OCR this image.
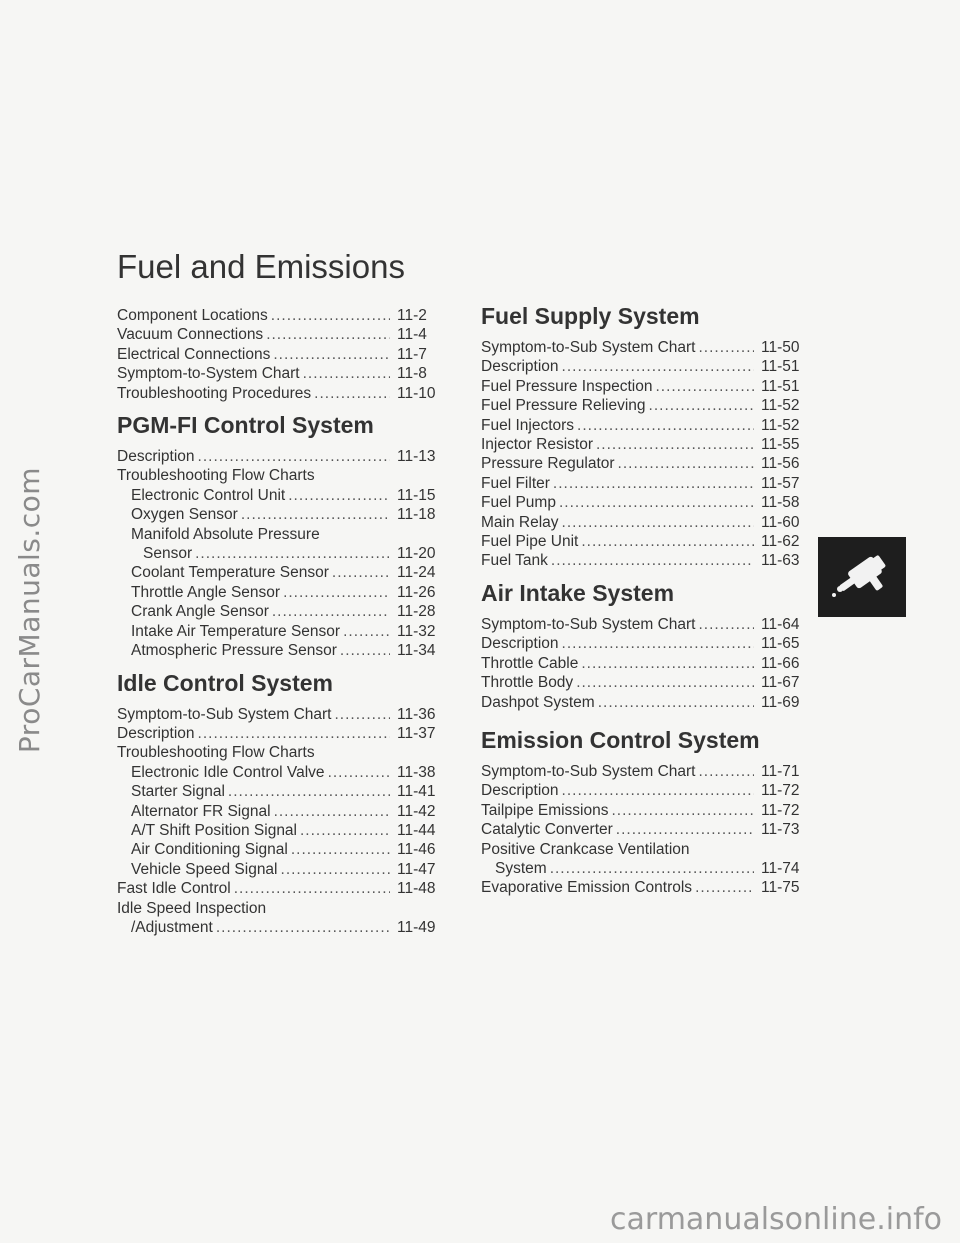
ProCarManuals.com
carmanualsonline.info
Fuel and Emissions
Component Locations .....	11-2
Vacuum Connections .....	11-4
Electrical Connections .....	11-7
Symptom-to-System Chart .....	11-8
Troubleshooting Procedures .....	11-10
PGM-FI Control System
Description .....	11-13
Troubleshooting Flow Charts
Electronic Control Unit .....	11-15
Oxygen Sensor .....	11-18
Manifold Absolute Pressure
Sensor .....	11-20
Coolant Temperature Sensor .....	11-24
Throttle Angle Sensor .....	11-26
Crank Angle Sensor .....	11-28
Intake Air Temperature Sensor .....	11-32
Atmospheric Pressure Sensor .....	11-34
Idle Control System
Symptom-to-Sub System Chart .....	11-36
Description .....	11-37
Troubleshooting Flow Charts
Electronic Idle Control Valve .....	11-38
Starter Signal .....	11-41
Alternator FR Signal .....	11-42
A/T Shift Position Signal .....	11-44
Air Conditioning Signal .....	11-46
Vehicle Speed Signal .....	11-47
Fast Idle Control .....	11-48
Idle Speed Inspection
/Adjustment .....	11-49
Fuel Supply System
Symptom-to-Sub System Chart .....	11-50
Description .....	11-51
Fuel Pressure Inspection .....	11-51
Fuel Pressure Relieving .....	11-52
Fuel Injectors .....	11-52
Injector Resistor .....	11-55
Pressure Regulator .....	11-56
Fuel Filter .....	11-57
Fuel Pump .....	11-58
Main Relay .....	11-60
Fuel Pipe Unit .....	11-62
Fuel Tank .....	11-63
Air Intake System
Symptom-to-Sub System Chart .....	11-64
Description .....	11-65
Throttle Cable .....	11-66
Throttle Body .....	11-67
Dashpot System .....	11-69
Emission Control System
Symptom-to-Sub System Chart .....	11-71
Description .....	11-72
Tailpipe Emissions .....	11-72
Catalytic Converter .....	11-73
Positive Crankcase Ventilation
System .....	11-74
Evaporative Emission Controls .....	11-75
